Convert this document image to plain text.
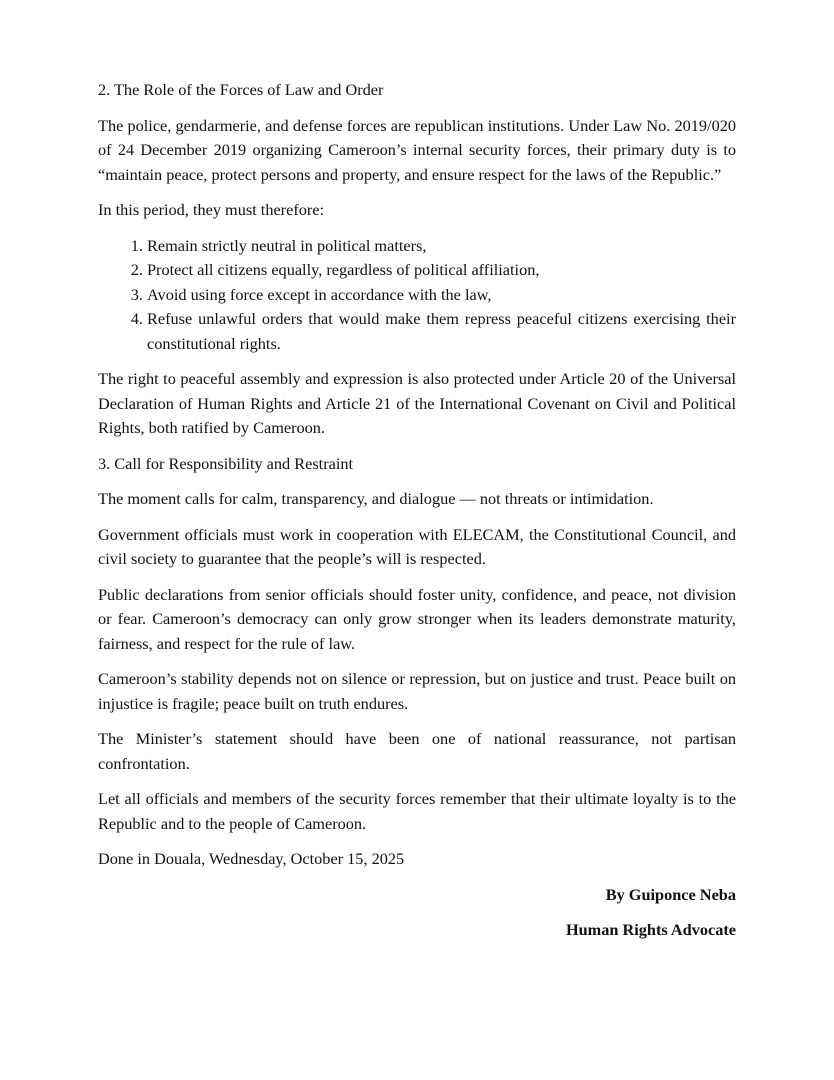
2. The Role of the Forces of Law and Order

The police, gendarmerie, and defense forces are republican institutions. Under Law No. 2019/020 of 24 December 2019 organizing Cameroon’s internal security forces, their primary duty is to “maintain peace, protect persons and property, and ensure respect for the laws of the Republic.”

In this period, they must therefore:

1. Remain strictly neutral in political matters,
2. Protect all citizens equally, regardless of political affiliation,
3. Avoid using force except in accordance with the law,
4. Refuse unlawful orders that would make them repress peaceful citizens exercising their constitutional rights.

The right to peaceful assembly and expression is also protected under Article 20 of the Universal Declaration of Human Rights and Article 21 of the International Covenant on Civil and Political Rights, both ratified by Cameroon.

3. Call for Responsibility and Restraint

The moment calls for calm, transparency, and dialogue — not threats or intimidation.

Government officials must work in cooperation with ELECAM, the Constitutional Council, and civil society to guarantee that the people’s will is respected.

Public declarations from senior officials should foster unity, confidence, and peace, not division or fear. Cameroon’s democracy can only grow stronger when its leaders demonstrate maturity, fairness, and respect for the rule of law.

Cameroon’s stability depends not on silence or repression, but on justice and trust. Peace built on injustice is fragile; peace built on truth endures.

The Minister’s statement should have been one of national reassurance, not partisan confrontation.

Let all officials and members of the security forces remember that their ultimate loyalty is to the Republic and to the people of Cameroon.

Done in Douala, Wednesday, October 15, 2025

By Guiponce Neba

Human Rights Advocate
